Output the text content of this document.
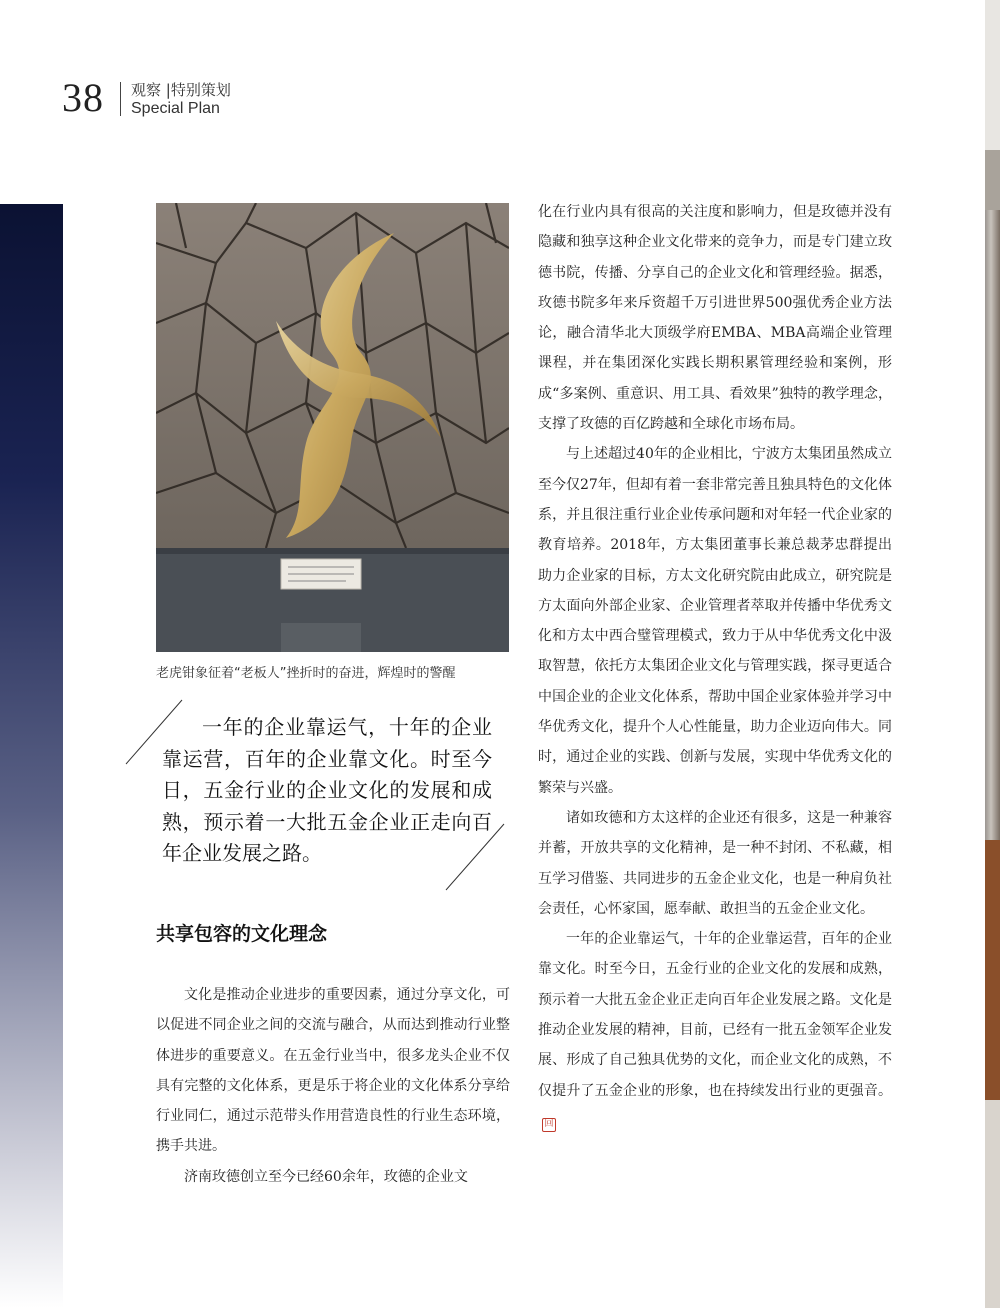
38 观察 |特别策划
Special Plan
老虎钳象征着“老板人”挫折时的奋进，辉煌时的警醒

一年的企业靠运气，十年的企业靠运营，百年的企业靠文化。时至今日，五金行业的企业文化的发展和成熟，预示着一大批五金企业正走向百年企业发展之路。

共享包容的文化理念

文化是推动企业进步的重要因素，通过分享文化，可以促进不同企业之间的交流与融合，从而达到推动行业整体进步的重要意义。在五金行业当中，很多龙头企业不仅具有完整的文化体系，更是乐于将企业的文化体系分享给行业同仁，通过示范带头作用营造良性的行业生态环境，携手共进。

济南玫德创立至今已经60余年，玫德的企业文

化在行业内具有很高的关注度和影响力，但是玫德并没有隐藏和独享这种企业文化带来的竞争力，而是专门建立玫德书院，传播、分享自己的企业文化和管理经验。据悉，玫德书院多年来斥资超千万引进世界500强优秀企业方法论，融合清华北大顶级学府EMBA、MBA高端企业管理课程，并在集团深化实践长期积累管理经验和案例，形成“多案例、重意识、用工具、看效果”独特的教学理念，支撑了玫德的百亿跨越和全球化市场布局。

与上述超过40年的企业相比，宁波方太集团虽然成立至今仅27年，但却有着一套非常完善且独具特色的文化体系，并且很注重行业企业传承问题和对年轻一代企业家的教育培养。2018年，方太集团董事长兼总裁茅忠群提出助力企业家的目标，方太文化研究院由此成立，研究院是方太面向外部企业家、企业管理者萃取并传播中华优秀文化和方太中西合璧管理模式，致力于从中华优秀文化中汲取智慧，依托方太集团企业文化与管理实践，探寻更适合中国企业的企业文化体系，帮助中国企业家体验并学习中华优秀文化，提升个人心性能量，助力企业迈向伟大。同时，通过企业的实践、创新与发展，实现中华优秀文化的繁荣与兴盛。

诸如玫德和方太这样的企业还有很多，这是一种兼容并蓄，开放共享的文化精神，是一种不封闭、不私藏，相互学习借鉴、共同进步的五金企业文化，也是一种肩负社会责任，心怀家国，愿奉献、敢担当的五金企业文化。

一年的企业靠运气，十年的企业靠运营，百年的企业靠文化。时至今日，五金行业的企业文化的发展和成熟，预示着一大批五金企业正走向百年企业发展之路。文化是推动企业发展的精神，目前，已经有一批五金领军企业发展、形成了自己独具优势的文化，而企业文化的成熟，不仅提升了五金企业的形象，也在持续发出行业的更强音。回
